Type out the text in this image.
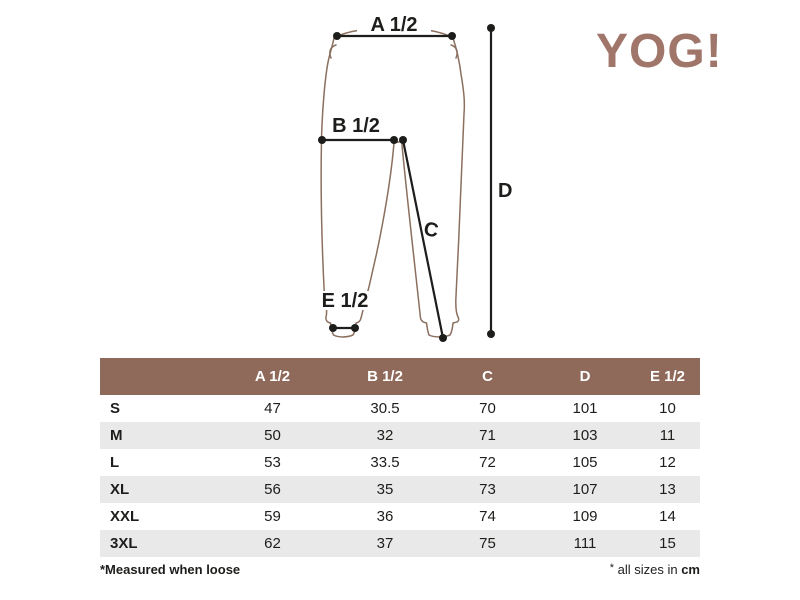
A 1/2
B 1/2
C
D
E 1/2
YOG!
	A 1/2	B 1/2	C	D	E 1/2
S	47	30.5	70	101	10
M	50	32	71	103	11
L	53	33.5	72	105	12
XL	56	35	73	107	13
XXL	59	36	74	109	14
3XL	62	37	75	111	15
*Measured when loose	* all sizes in cm
